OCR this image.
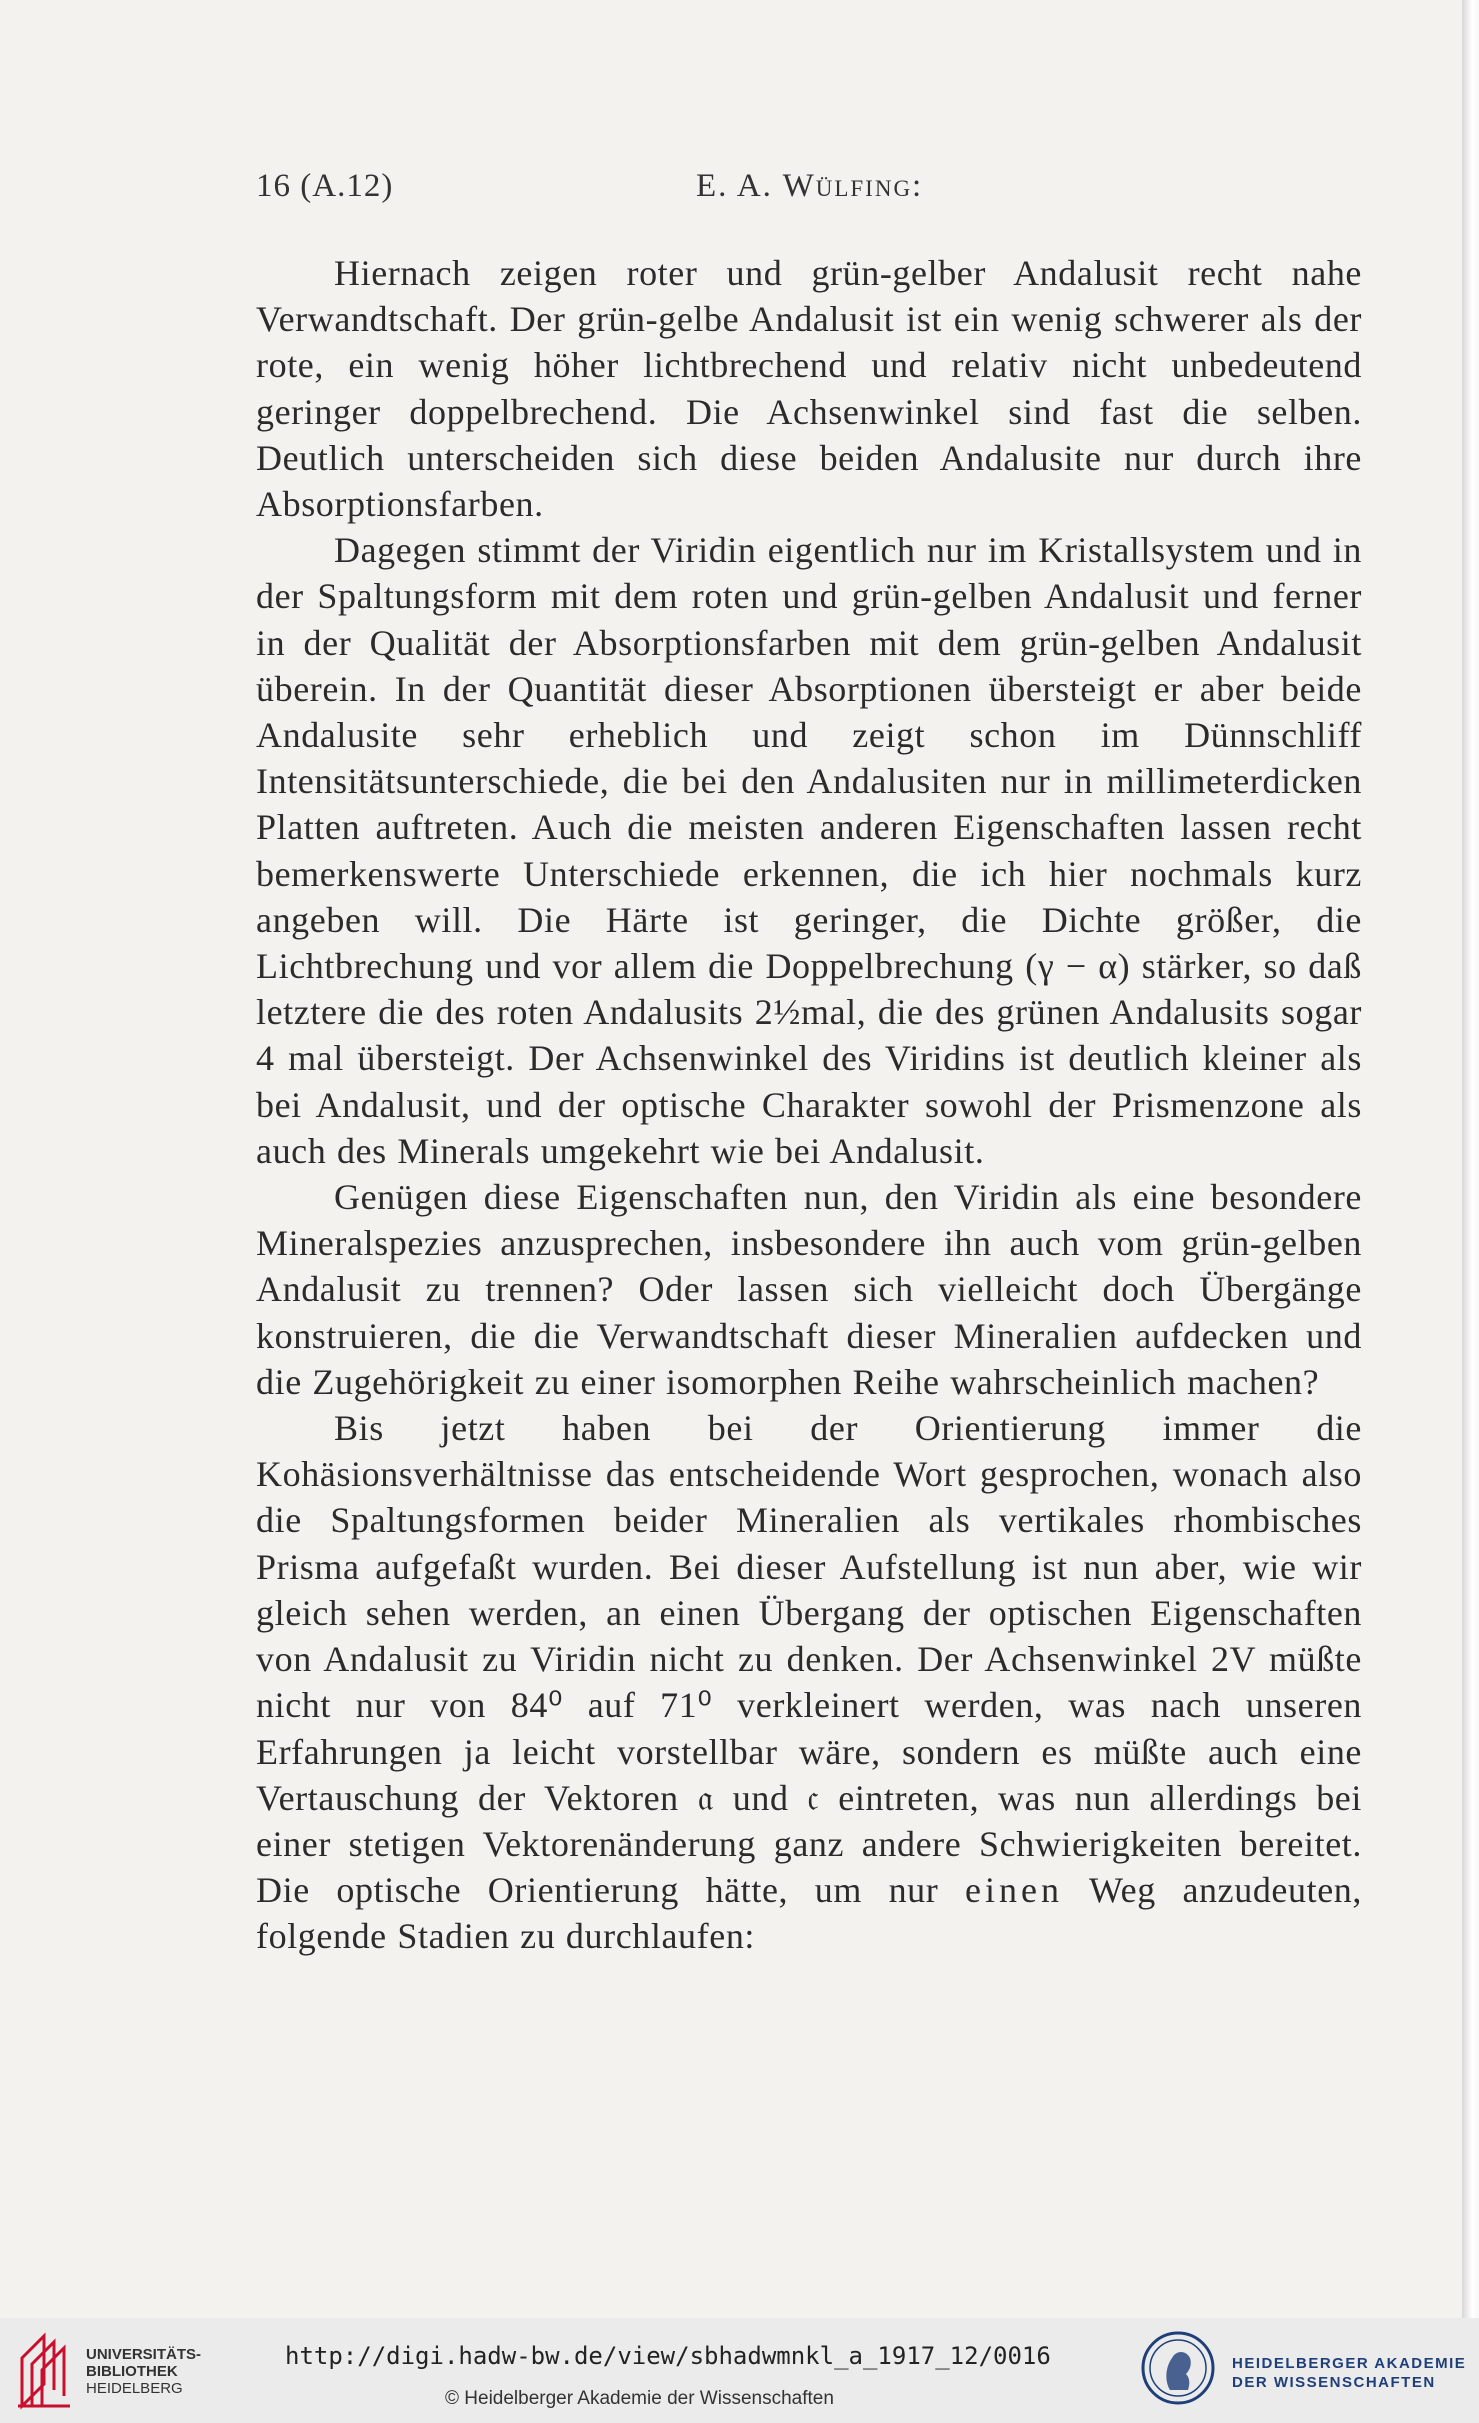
16 (A.12)	E. A. Wülfing:

Hiernach zeigen roter und grün-gelber Andalusit recht nahe Verwandtschaft. Der grün-gelbe Andalusit ist ein wenig schwerer als der rote, ein wenig höher lichtbrechend und relativ nicht unbedeutend geringer doppelbrechend. Die Achsenwinkel sind fast die selben. Deutlich unterscheiden sich diese beiden Andalusite nur durch ihre Absorptionsfarben.

Dagegen stimmt der Viridin eigentlich nur im Kristallsystem und in der Spaltungsform mit dem roten und grün-gelben Andalusit und ferner in der Qualität der Absorptionsfarben mit dem grün-gelben Andalusit überein. In der Quantität dieser Absorptionen übersteigt er aber beide Andalusite sehr erheblich und zeigt schon im Dünnschliff Intensitätsunterschiede, die bei den Andalusiten nur in millimeterdicken Platten auftreten. Auch die meisten anderen Eigenschaften lassen recht bemerkenswerte Unterschiede erkennen, die ich hier nochmals kurz angeben will. Die Härte ist geringer, die Dichte größer, die Lichtbrechung und vor allem die Doppelbrechung (γ − α) stärker, so daß letztere die des roten Andalusits 2½mal, die des grünen Andalusits sogar 4 mal übersteigt. Der Achsenwinkel des Viridins ist deutlich kleiner als bei Andalusit, und der optische Charakter sowohl der Prismenzone als auch des Minerals umgekehrt wie bei Andalusit.

Genügen diese Eigenschaften nun, den Viridin als eine besondere Mineralspezies anzusprechen, insbesondere ihn auch vom grün-gelben Andalusit zu trennen? Oder lassen sich vielleicht doch Übergänge konstruieren, die die Verwandtschaft dieser Mineralien aufdecken und die Zugehörigkeit zu einer isomorphen Reihe wahrscheinlich machen?

Bis jetzt haben bei der Orientierung immer die Kohäsionsverhältnisse das entscheidende Wort gesprochen, wonach also die Spaltungsformen beider Mineralien als vertikales rhombisches Prisma aufgefaßt wurden. Bei dieser Aufstellung ist nun aber, wie wir gleich sehen werden, an einen Übergang der optischen Eigenschaften von Andalusit zu Viridin nicht zu denken. Der Achsenwinkel 2V müßte nicht nur von 84⁰ auf 71⁰ verkleinert werden, was nach unseren Erfahrungen ja leicht vorstellbar wäre, sondern es müßte auch eine Vertauschung der Vektoren 𝔞 und 𝔠 eintreten, was nun allerdings bei einer stetigen Vektorenänderung ganz andere Schwierigkeiten bereitet. Die optische Orientierung hätte, um nur einen Weg anzudeuten, folgende Stadien zu durchlaufen:

UNIVERSITÄTS-
BIBLIOTHEK
HEIDELBERG
http://digi.hadw-bw.de/view/sbhadwmnkl_a_1917_12/0016
© Heidelberger Akademie der Wissenschaften
HEIDELBERGER AKADEMIE
DER WISSENSCHAFTEN
